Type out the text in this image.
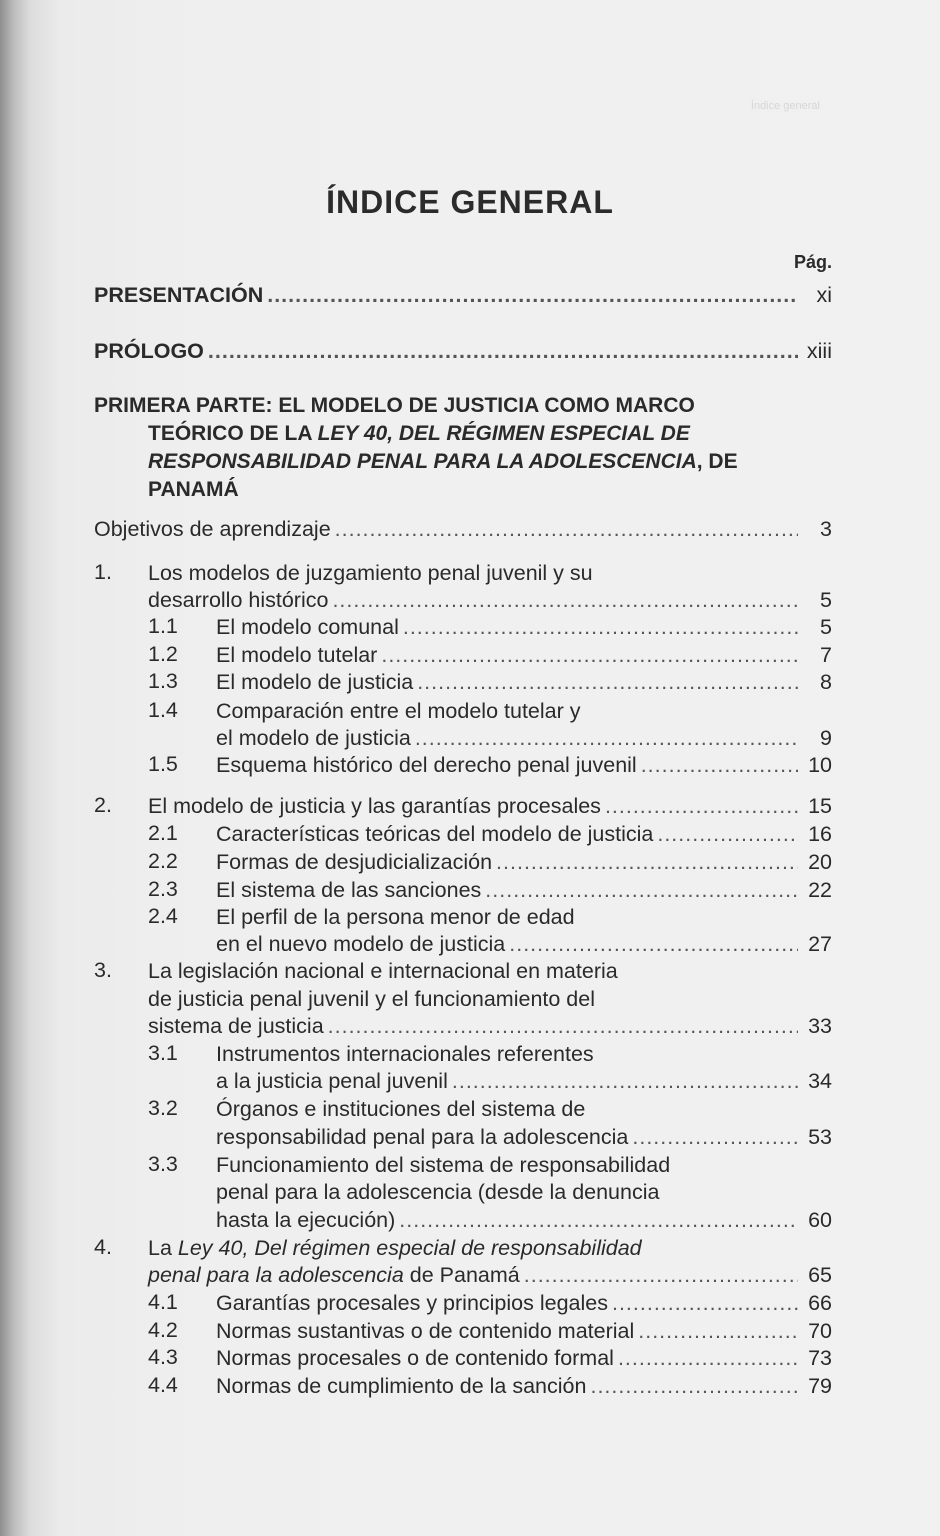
Índice general
ÍNDICE GENERAL
Pág.
PRESENTACIÓN .....	xi
PRÓLOGO .....	xiii
PRIMERA PARTE: EL MODELO DE JUSTICIA COMO MARCO
TEÓRICO DE LA LEY 40, DEL RÉGIMEN ESPECIAL DE
RESPONSABILIDAD PENAL PARA LA ADOLESCENCIA, DE
PANAMÁ
Objetivos de aprendizaje .....	3
1. Los modelos de juzgamiento penal juvenil y su
desarrollo histórico .....	5
1.1 El modelo comunal .....	5
1.2 El modelo tutelar .....	7
1.3 El modelo de justicia .....	8
1.4 Comparación entre el modelo tutelar y
el modelo de justicia .....	9
1.5 Esquema histórico del derecho penal juvenil .....	10
2. El modelo de justicia y las garantías procesales .....	15
2.1 Características teóricas del modelo de justicia .....	16
2.2 Formas de desjudicialización .....	20
2.3 El sistema de las sanciones .....	22
2.4 El perfil de la persona menor de edad
en el nuevo modelo de justicia .....	27
3. La legislación nacional e internacional en materia
de justicia penal juvenil y el funcionamiento del
sistema de justicia .....	33
3.1 Instrumentos internacionales referentes
a la justicia penal juvenil .....	34
3.2 Órganos e instituciones del sistema de
responsabilidad penal para la adolescencia .....	53
3.3 Funcionamiento del sistema de responsabilidad
penal para la adolescencia (desde la denuncia
hasta la ejecución) .....	60
4. La Ley 40, Del régimen especial de responsabilidad
penal para la adolescencia de Panamá .....	65
4.1 Garantías procesales y principios legales .....	66
4.2 Normas sustantivas o de contenido material .....	70
4.3 Normas procesales o de contenido formal .....	73
4.4 Normas de cumplimiento de la sanción .....	79
